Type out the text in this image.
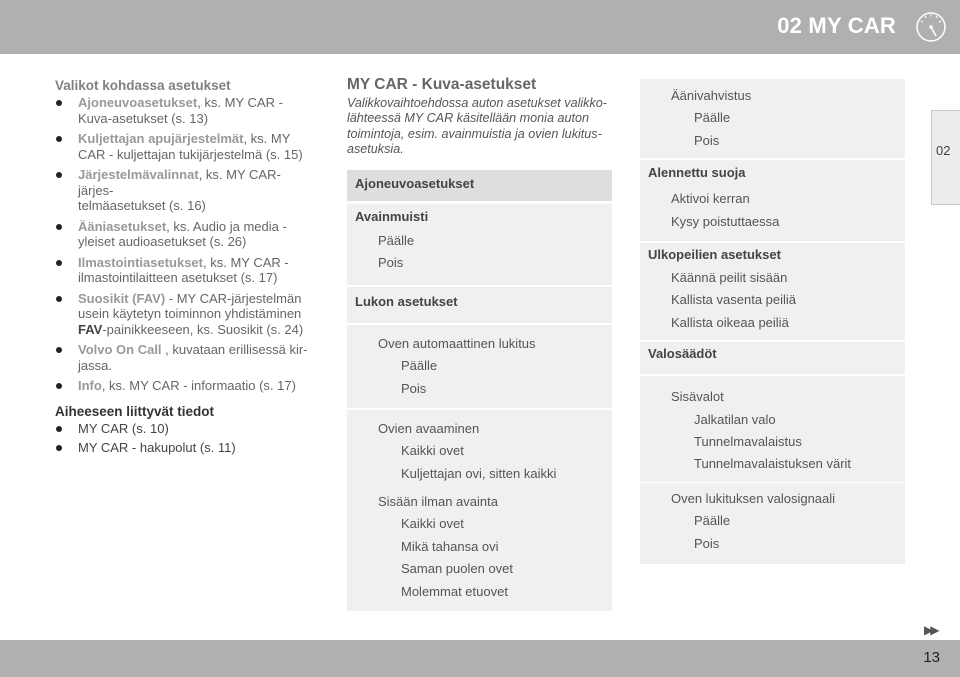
02 MY CAR
02
Valikot kohdassa asetukset
Ajoneuvoasetukset, ks. MY CAR -
Kuva-asetukset (s. 13)
Kuljettajan apujärjestelmät, ks. MY
CAR - kuljettajan tukijärjestelmä (s. 15)
Järjestelmävalinnat, ks. MY CAR-järjes-
telmäasetukset (s. 16)
Ääniasetukset, ks. Audio ja media -
yleiset audioasetukset (s. 26)
Ilmastointiasetukset, ks. MY CAR -
ilmastointilaitteen asetukset (s. 17)
Suosikit (FAV) - MY CAR-järjestelmän
usein käytetyn toiminnon yhdistäminen
FAV-painikkeeseen, ks. Suosikit (s. 24)
Volvo On Call , kuvataan erillisessä kir-
jassa.
Info, ks. MY CAR - informaatio (s. 17)
Aiheeseen liittyvät tiedot
MY CAR (s. 10)
MY CAR - hakupolut (s. 11)
MY CAR - Kuva-asetukset
Valikkovaihtoehdossa auton asetukset valikko-
lähteessä MY CAR käsitellään monia auton
toimintoja, esim. avainmuistia ja ovien lukitus-
asetuksia.
Ajoneuvoasetukset
Avainmuisti
Päälle
Pois
Lukon asetukset
Oven automaattinen lukitus
Päälle
Pois
Ovien avaaminen
Kaikki ovet
Kuljettajan ovi, sitten kaikki
Sisään ilman avainta
Kaikki ovet
Mikä tahansa ovi
Saman puolen ovet
Molemmat etuovet
Äänivahvistus
Päälle
Pois
Alennettu suoja
Aktivoi kerran
Kysy poistuttaessa
Ulkopeilien asetukset
Käännä peilit sisään
Kallista vasenta peiliä
Kallista oikeaa peiliä
Valosäädöt
Sisävalot
Jalkatilan valo
Tunnelmavalaistus
Tunnelmavalaistuksen värit
Oven lukituksen valosignaali
Päälle
Pois
▶▶
13
